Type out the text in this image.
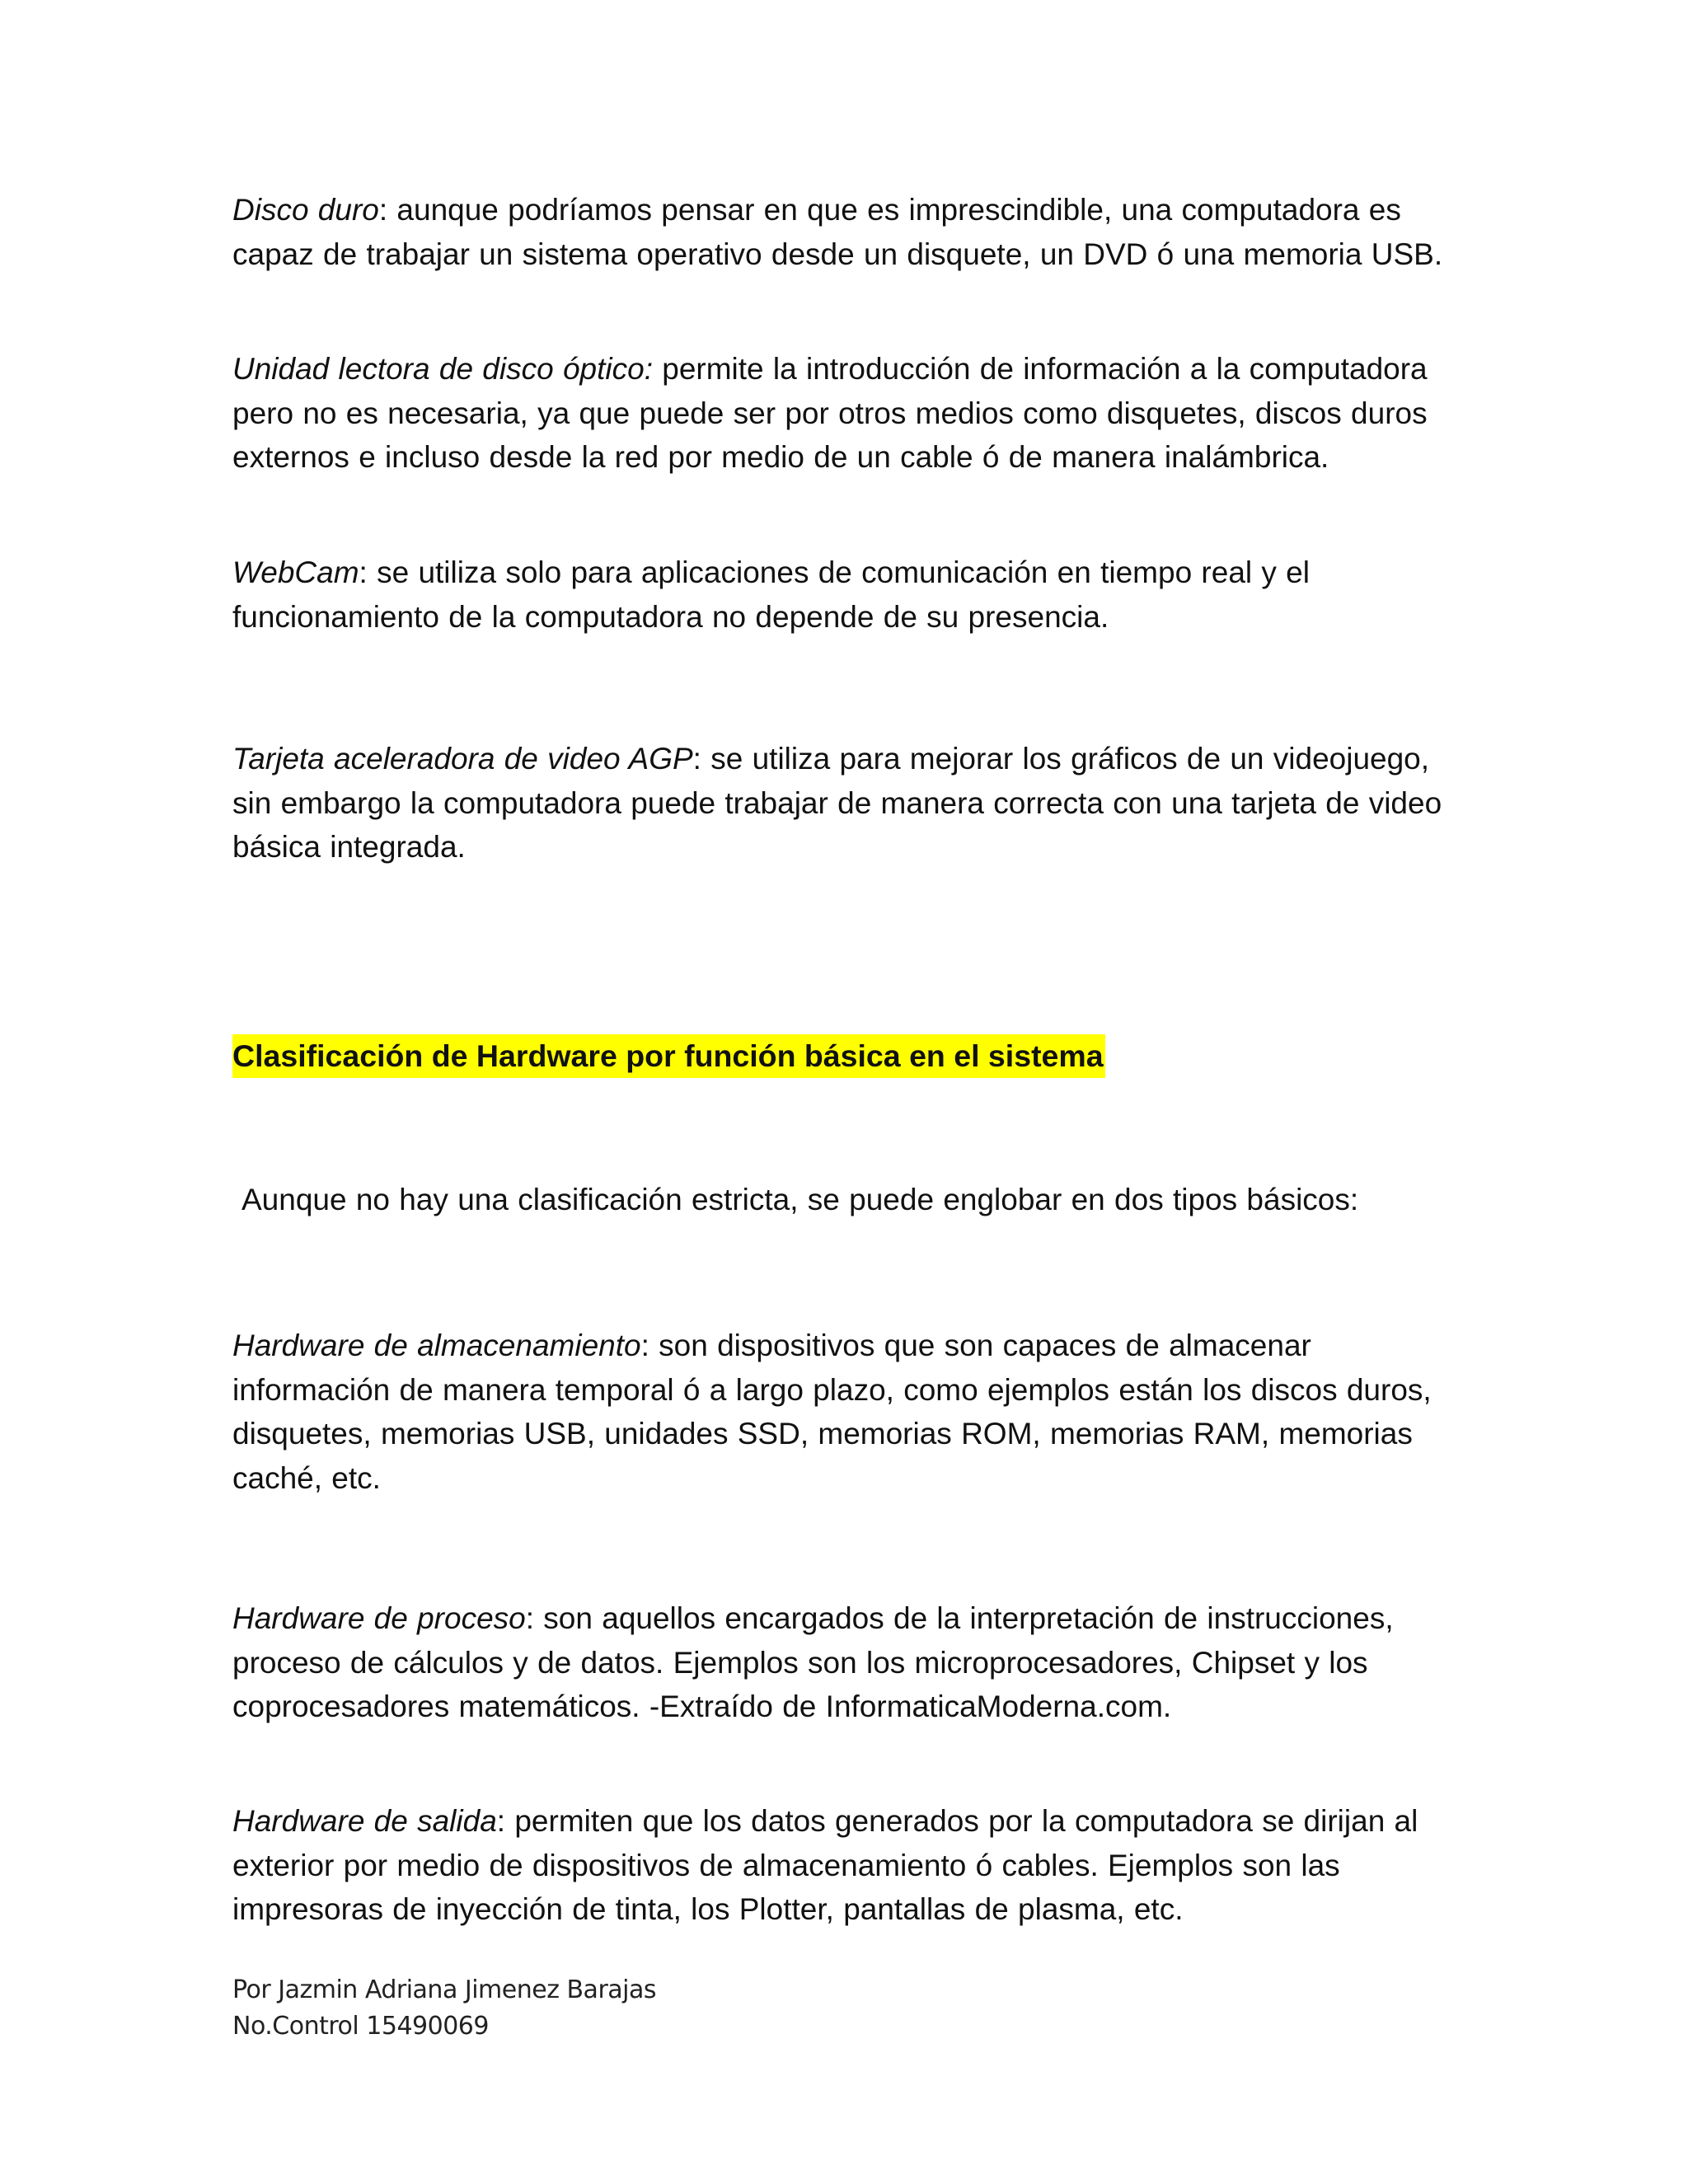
Disco duro: aunque podríamos pensar en que es imprescindible, una computadora es capaz de trabajar un sistema operativo desde un disquete, un DVD ó una memoria USB.

Unidad lectora de disco óptico: permite la introducción de información a la computadora pero no es necesaria, ya que puede ser por otros medios como disquetes, discos duros externos e incluso desde la red por medio de un cable ó de manera inalámbrica.

WebCam: se utiliza solo para aplicaciones de comunicación en tiempo real y el funcionamiento de la computadora no depende de su presencia.

Tarjeta aceleradora de video AGP: se utiliza para mejorar los gráficos de un videojuego, sin embargo la computadora puede trabajar de manera correcta con una tarjeta de video básica integrada.

Clasificación de Hardware por función básica en el sistema

Aunque no hay una clasificación estricta, se puede englobar en dos tipos básicos:

Hardware de almacenamiento: son dispositivos que son capaces de almacenar información de manera temporal ó a largo plazo, como ejemplos están los discos duros, disquetes, memorias USB, unidades SSD, memorias ROM, memorias RAM, memorias caché, etc.

Hardware de proceso: son aquellos encargados de la interpretación de instrucciones, proceso de cálculos y de datos. Ejemplos son los microprocesadores, Chipset y los coprocesadores matemáticos. -Extraído de InformaticaModerna.com.

Hardware de salida: permiten que los datos generados por la computadora se dirijan al exterior por medio de dispositivos de almacenamiento ó cables. Ejemplos son las impresoras de inyección de tinta, los Plotter, pantallas de plasma, etc.

Por Jazmin Adriana Jimenez Barajas

No.Control 15490069
